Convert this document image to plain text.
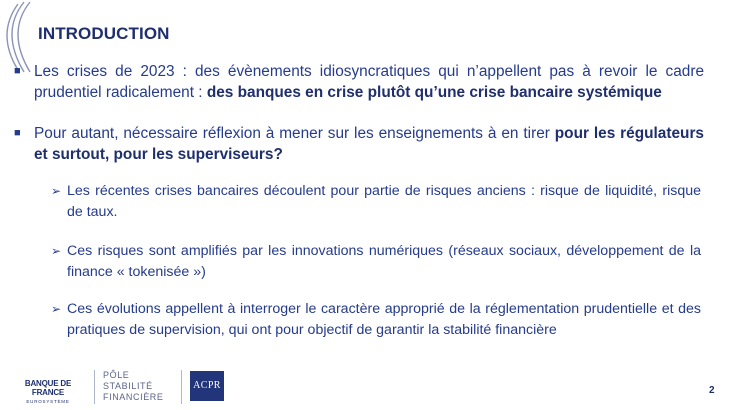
INTRODUCTION
■ Les crises de 2023 : des évènements idiosyncratiques qui n’appellent pas à revoir le cadre prudentiel radicalement : des banques en crise plutôt qu’une crise bancaire systémique
■ Pour autant, nécessaire réflexion à mener sur les enseignements à en tirer pour les régulateurs et surtout, pour les superviseurs?
➢ Les récentes crises bancaires découlent pour partie de risques anciens : risque de liquidité, risque de taux.
➢ Ces risques sont amplifiés par les innovations numériques (réseaux sociaux, développement de la finance « tokenisée »)
➢ Ces évolutions appellent à interroger le caractère approprié de la réglementation prudentielle et des pratiques de supervision, qui ont pour objectif de garantir la stabilité financière
BANQUE DE FRANCE
EUROSYSTÈME
PÔLE
STABILITÉ
FINANCIÈRE
ACPR	2
